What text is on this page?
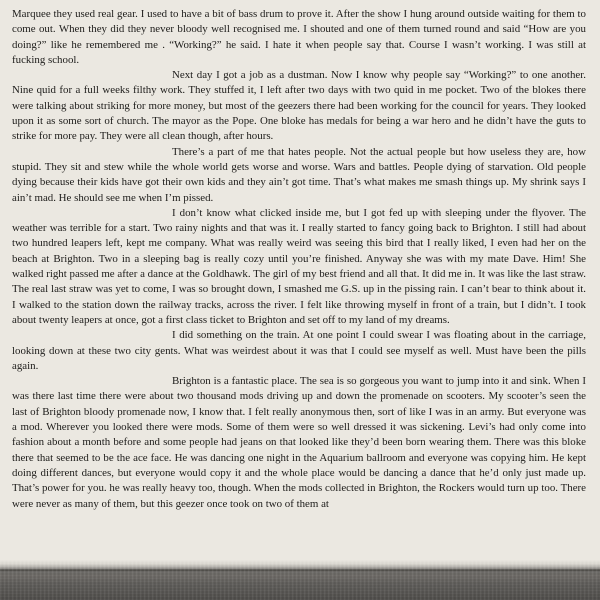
Marquee they used real gear. I used to have a bit of bass drum to prove it. After the show I hung around outside waiting for them to come out. When they did they never bloody well recognised me. I shouted and one of them turned round and said “How are you doing?” like he remembered me . “Working?” he said. I hate it when people say that. Course I wasn’t working. I was still at fucking school.

Next day I got a job as a dustman. Now I know why people say “Working?” to one another. Nine quid for a full weeks filthy work. They stuffed it, I left after two days with two quid in me pocket. Two of the blokes there were talking about striking for more money, but most of the geezers there had been working for the council for years. They looked upon it as some sort of church. The mayor as the Pope. One bloke has medals for being a war hero and he didn’t have the guts to strike for more pay. They were all clean though, after hours.

There’s a part of me that hates people. Not the actual people but how useless they are, how stupid. They sit and stew while the whole world gets worse and worse. Wars and battles. People dying of starvation. Old people dying because their kids have got their own kids and they ain’t got time. That’s what makes me smash things up. My shrink says I ain’t mad. He should see me when I’m pissed.

I don’t know what clicked inside me, but I got fed up with sleeping under the flyover. The weather was terrible for a start. Two rainy nights and that was it. I really started to fancy going back to Brighton. I still had about two hundred leapers left, kept me company. What was really weird was seeing this bird that I really liked, I even had her on the beach at Brighton. Two in a sleeping bag is really cozy until you’re finished. Anyway she was with my mate Dave. Him! She walked right passed me after a dance at the Goldhawk. The girl of my best friend and all that. It did me in. It was like the last straw. The real last straw was yet to come, I was so brought down, I smashed me G.S. up in the pissing rain. I can’t bear to think about it. I walked to the station down the railway tracks, across the river. I felt like throwing myself in front of a train, but I didn’t. I took about twenty leapers at once, got a first class ticket to Brighton and set off to my land of my dreams.

I did something on the train. At one point I could swear I was floating about in the carriage, looking down at these two city gents. What was weirdest about it was that I could see myself as well. Must have been the pills again.

Brighton is a fantastic place. The sea is so gorgeous you want to jump into it and sink. When I was there last time there were about two thousand mods driving up and down the promenade on scooters. My scooter’s seen the last of Brighton bloody promenade now, I know that. I felt really anonymous then, sort of like I was in an army. But everyone was a mod. Wherever you looked there were mods. Some of them were so well dressed it was sickening. Levi’s had only come into fashion about a month before and some people had jeans on that looked like they’d been born wearing them. There was this bloke there that seemed to be the ace face. He was dancing one night in the Aquarium ballroom and everyone was copying him. He kept doing different dances, but everyone would copy it and the whole place would be dancing a dance that he’d only just made up. That’s power for you. he was really heavy too, though. When the mods collected in Brighton, the Rockers would turn up too. There were never as many of them, but this geezer once took on two of them at
